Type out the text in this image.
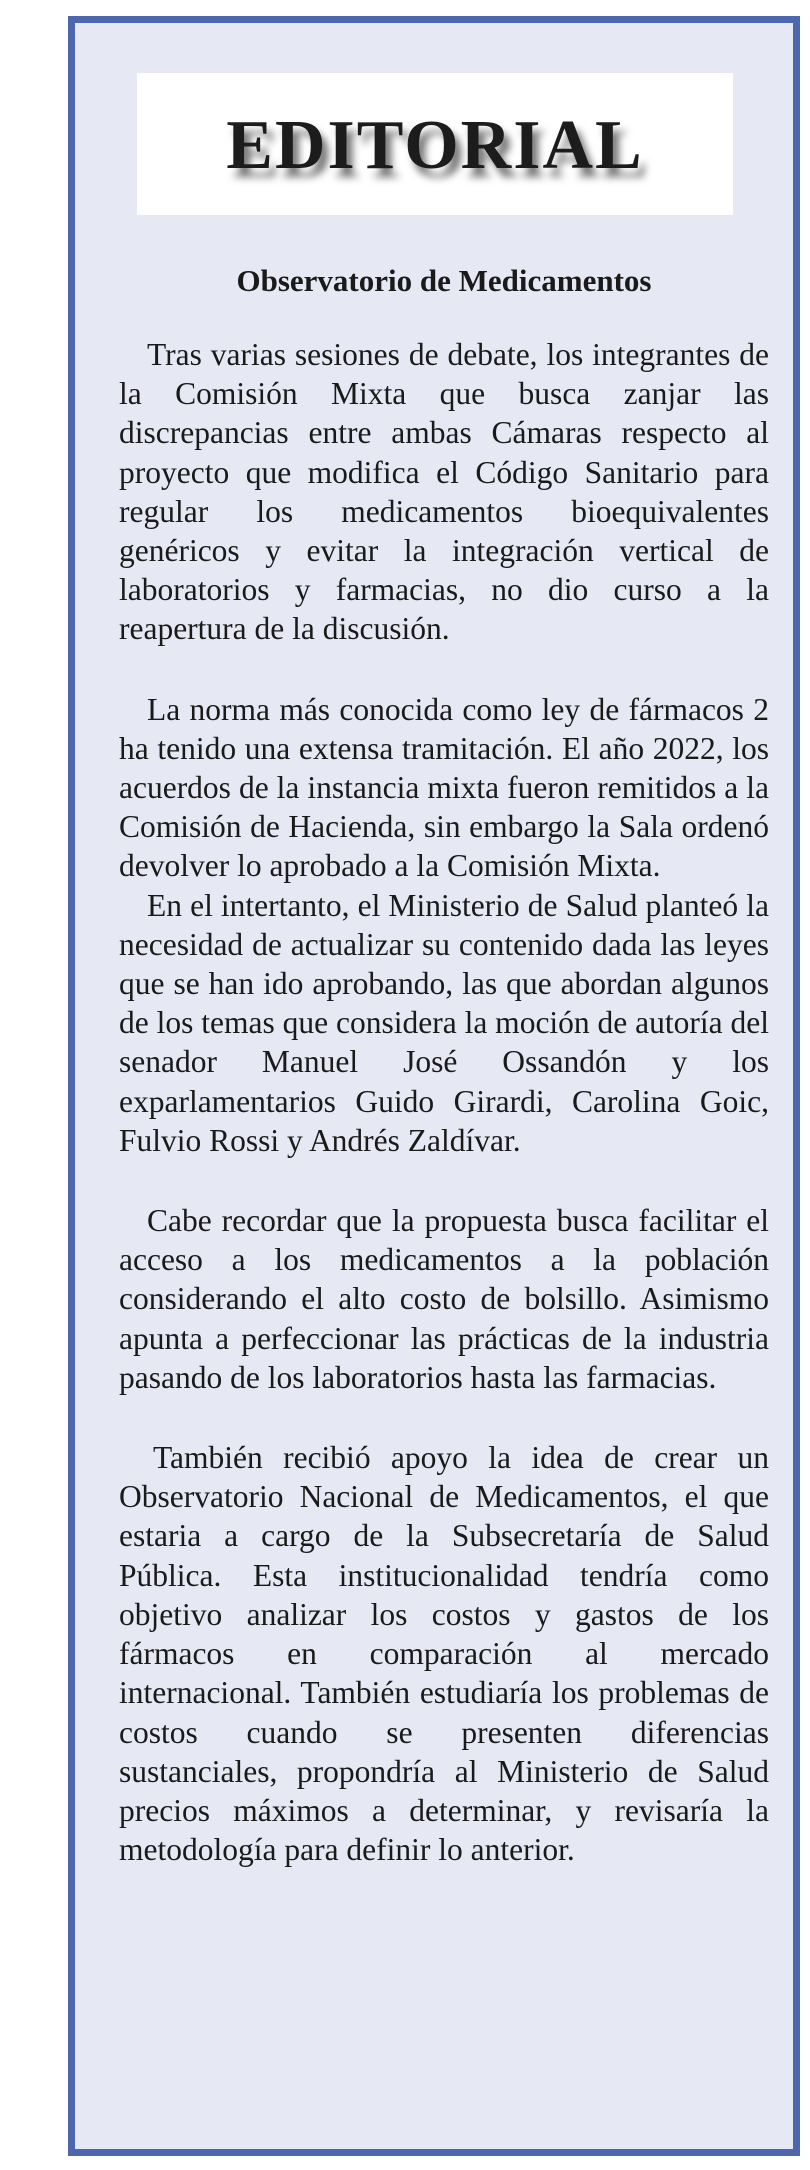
EDITORIAL
Observatorio de Medicamentos

Tras varias sesiones de debate, los integrantes de la Comisión Mixta que busca zanjar las discrepancias entre ambas Cámaras respecto al proyecto que modifica el Código Sanitario para regular los medicamentos bioequivalentes genéricos y evitar la integración vertical de laboratorios y farmacias, no dio curso a la reapertura de la discusión.

La norma más conocida como ley de fármacos 2 ha tenido una extensa tramitación. El año 2022, los acuerdos de la instancia mixta fueron remitidos a la Comisión de Hacienda, sin embargo la Sala ordenó devolver lo aprobado a la Comisión Mixta.

En el intertanto, el Ministerio de Salud planteó la necesidad de actualizar su contenido dada las leyes que se han ido aprobando, las que abordan algunos de los temas que considera la moción de autoría del senador Manuel José Ossandón y los exparlamentarios Guido Girardi, Carolina Goic, Fulvio Rossi y Andrés Zaldívar.

Cabe recordar que la propuesta busca facilitar el acceso a los medicamentos a la población considerando el alto costo de bolsillo. Asimismo apunta a perfeccionar las prácticas de la industria pasando de los laboratorios hasta las farmacias.

También recibió apoyo la idea de crear un Observatorio Nacional de Medicamentos, el que estaria a cargo de la Subsecretaría de Salud Pública. Esta institucionalidad tendría como objetivo analizar los costos y gastos de los fármacos en comparación al mercado internacional. También estudiaría los problemas de costos cuando se presenten diferencias sustanciales, propondría al Ministerio de Salud precios máximos a determinar, y revisaría la metodología para definir lo anterior.
